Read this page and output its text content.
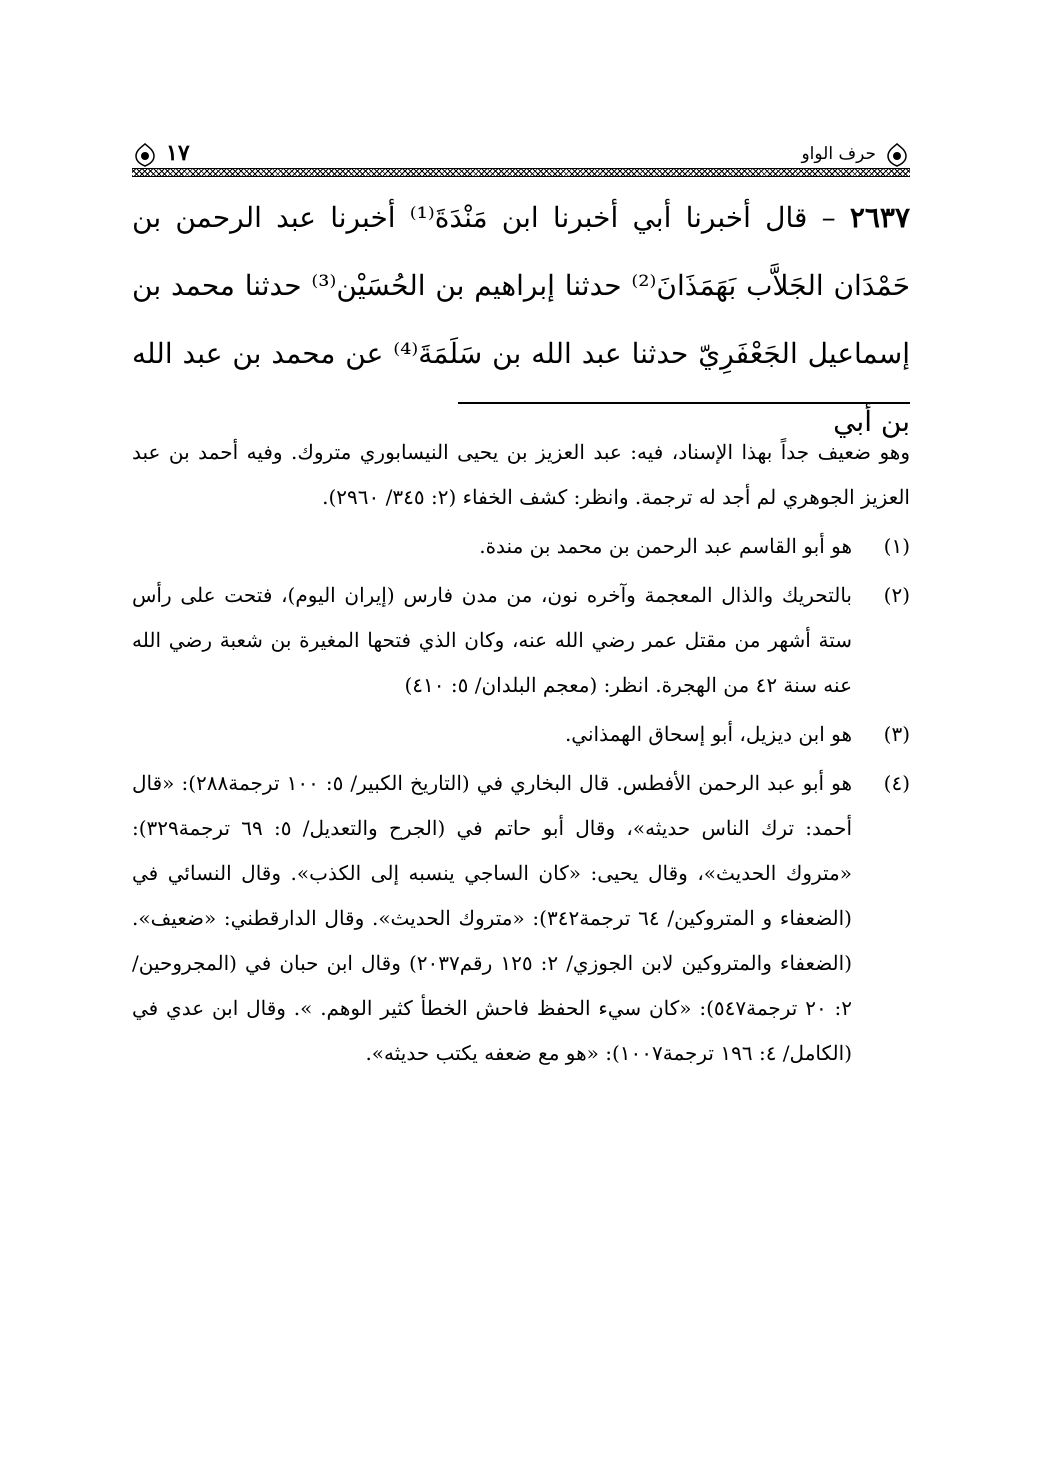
حرف الواو
١٧
٢٦٣٧ – قال أخبرنا أبي أخبرنا ابن مَنْدَةَ⁽¹⁾ أخبرنا عبد الرحمن بن حَمْدَان الجَلاَّب بَهَمَذَانَ⁽²⁾ حدثنا إبراهيم بن الحُسَيْن⁽³⁾ حدثنا محمد بن إسماعيل الجَعْفَرِيّ حدثنا عبد الله بن سَلَمَةَ⁽⁴⁾ عن محمد بن عبد الله بن أبي

وهو ضعيف جداً بهذا الإسناد، فيه: عبد العزيز بن يحيى النيسابوري متروك. وفيه أحمد بن عبد العزيز الجوهري لم أجد له ترجمة. وانظر: كشف الخفاء (٢: ٣٤٥/ ٢٩٦٠).

(١)
هو أبو القاسم عبد الرحمن بن محمد بن مندة.
(٢)
بالتحريك والذال المعجمة وآخره نون، من مدن فارس (إيران اليوم)، فتحت على رأس ستة أشهر من مقتل عمر رضي الله عنه، وكان الذي فتحها المغيرة بن شعبة رضي الله عنه سنة ٤٢ من الهجرة. انظر: (معجم البلدان/ ٥: ٤١٠)
(٣)
هو ابن ديزيل، أبو إسحاق الهمذاني.
(٤)
هو أبو عبد الرحمن الأفطس. قال البخاري في (التاريخ الكبير/ ٥: ١٠٠ ترجمة٢٨٨): «قال أحمد: ترك الناس حديثه»، وقال أبو حاتم في (الجرح والتعديل/ ٥: ٦٩ ترجمة٣٢٩): «متروك الحديث»، وقال يحيى: «كان الساجي ينسبه إلى الكذب». وقال النسائي في (الضعفاء و المتروكين/ ٦٤ ترجمة٣٤٢): «متروك الحديث». وقال الدارقطني: «ضعيف». (الضعفاء والمتروكين لابن الجوزي/ ٢: ١٢٥ رقم٢٠٣٧) وقال ابن حبان في (المجروحين/ ٢: ٢٠ ترجمة٥٤٧): «كان سيء الحفظ فاحش الخطأ كثير الوهم. ». وقال ابن عدي في (الكامل/ ٤: ١٩٦ ترجمة١٠٠٧): «هو مع ضعفه يكتب حديثه».
